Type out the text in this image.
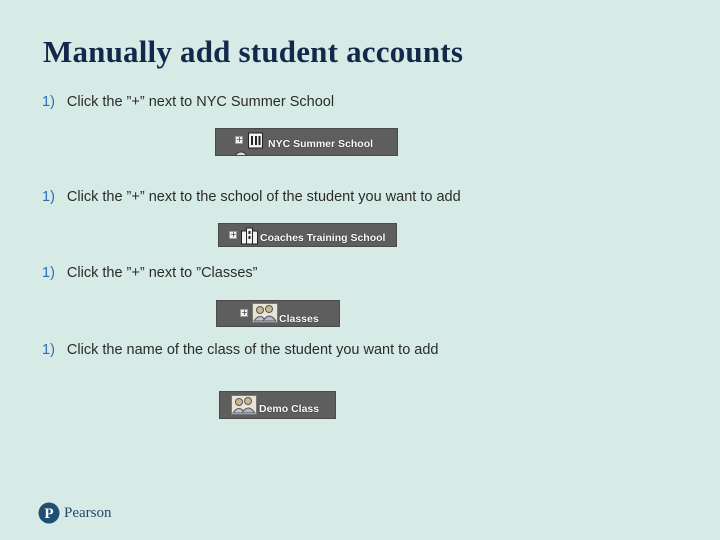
Manually add student accounts
1) Click the ”+” next to NYC Summer School
+ NYC Summer School
1) Click the ”+” next to the school of the student you want to add
+ Coaches Training School
1) Click the ”+” next to ”Classes”
+
Classes
1) Click the name of the class of the student you want to add
Demo Class
P Pearson
